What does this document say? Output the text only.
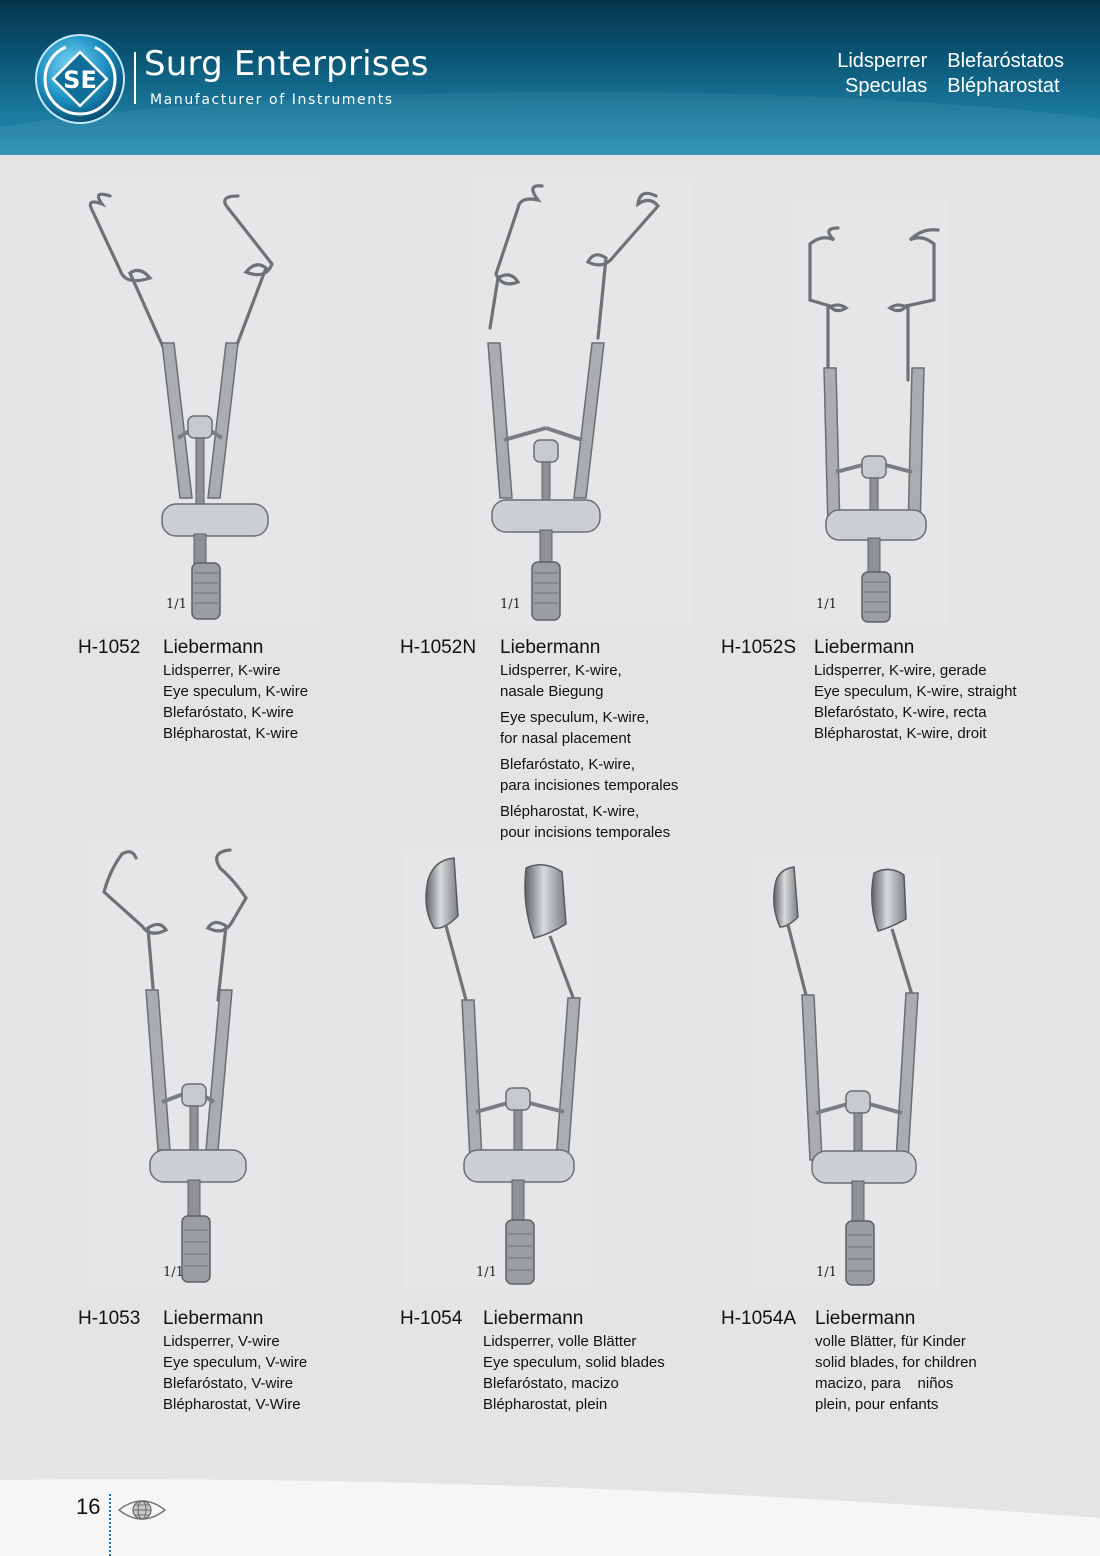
SE Surg Enterprises
Manufacturer of Instruments
Lidsperrer Blefaróstatos
Speculas Blépharostat
1/1
H-1052 Liebermann
Lidsperrer, K-wire
Eye speculum, K-wire
Blefaróstato, K-wire
Blépharostat, K-wire
1/1
H-1052N Liebermann
Lidsperrer, K-wire,
nasale Biegung
Eye speculum, K-wire,
for nasal placement
Blefaróstato, K-wire,
para incisiones temporales
Blépharostat, K-wire,
pour incisions temporales
1/1
H-1052S Liebermann
Lidsperrer, K-wire, gerade
Eye speculum, K-wire, straight
Blefaróstato, K-wire, recta
Blépharostat, K-wire, droit
1/1
H-1053 Liebermann
Lidsperrer, V-wire
Eye speculum, V-wire
Blefaróstato, V-wire
Blépharostat, V-Wire
1/1
H-1054 Liebermann
Lidsperrer, volle Blätter
Eye speculum, solid blades
Blefaróstato, macizo
Blépharostat, plein
1/1
H-1054A Liebermann
volle Blätter, für Kinder
solid blades, for children
macizo, para    niños
plein, pour enfants
16
